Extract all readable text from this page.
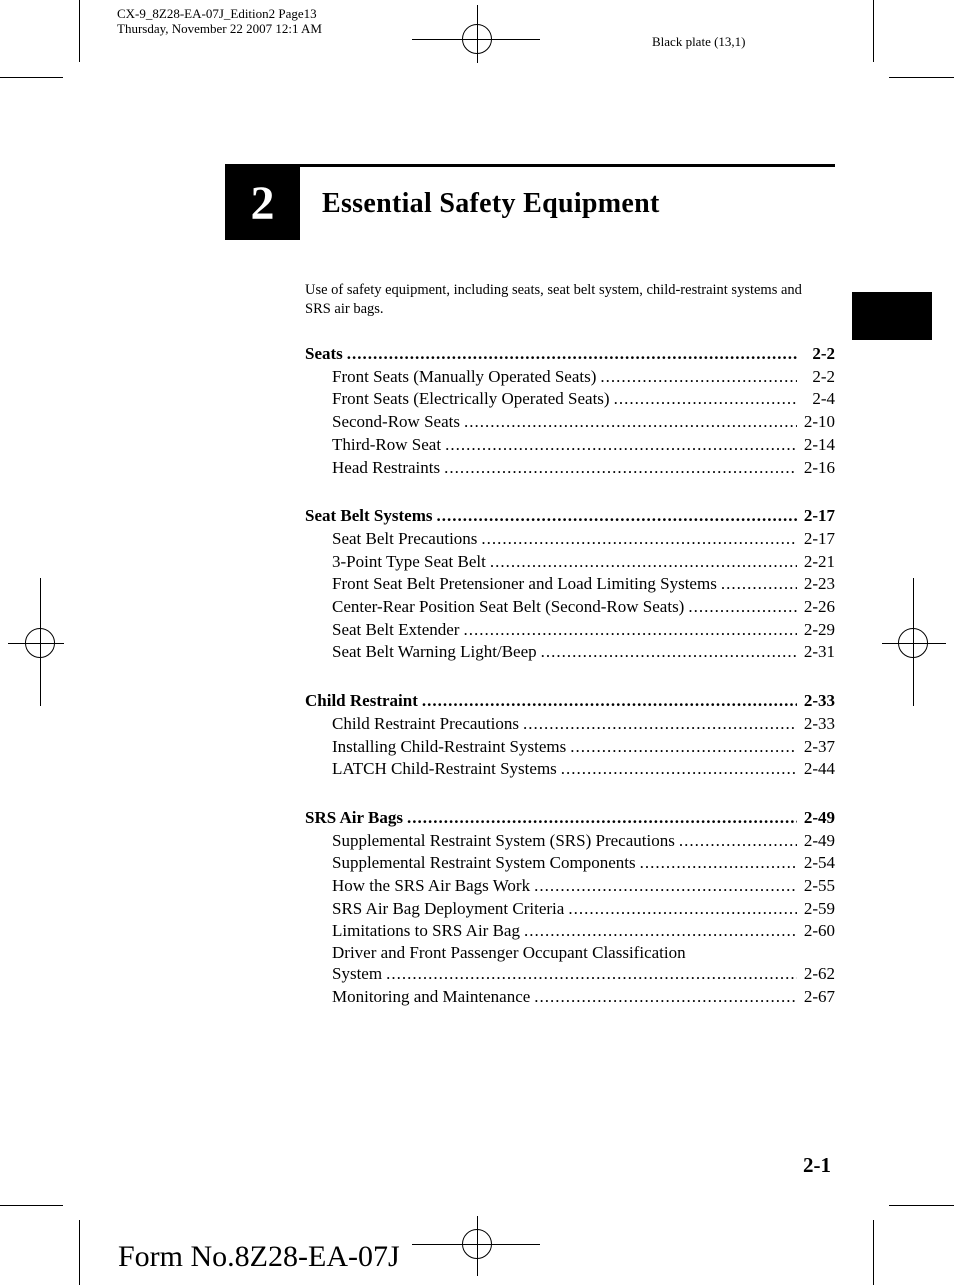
CX-9_8Z28-EA-07J_Edition2 Page13
Thursday, November 22 2007 12:1 AM
Black plate (13,1)
2	Essential Safety Equipment
Use of safety equipment, including seats, seat belt system, child-restraint systems and SRS air bags.
Seats .....	2-2
Front Seats (Manually Operated Seats) .....	2-2
Front Seats (Electrically Operated Seats) .....	2-4
Second-Row Seats .....	2-10
Third-Row Seat .....	2-14
Head Restraints .....	2-16
Seat Belt Systems .....	2-17
Seat Belt Precautions .....	2-17
3-Point Type Seat Belt .....	2-21
Front Seat Belt Pretensioner and Load Limiting Systems .....	2-23
Center-Rear Position Seat Belt (Second-Row Seats) .....	2-26
Seat Belt Extender .....	2-29
Seat Belt Warning Light/Beep .....	2-31
Child Restraint .....	2-33
Child Restraint Precautions .....	2-33
Installing Child-Restraint Systems .....	2-37
LATCH Child-Restraint Systems .....	2-44
SRS Air Bags .....	2-49
Supplemental Restraint System (SRS) Precautions .....	2-49
Supplemental Restraint System Components .....	2-54
How the SRS Air Bags Work .....	2-55
SRS Air Bag Deployment Criteria .....	2-59
Limitations to SRS Air Bag .....	2-60
Driver and Front Passenger Occupant Classification
System .....	2-62
Monitoring and Maintenance .....	2-67
2-1
Form No.8Z28-EA-07J
